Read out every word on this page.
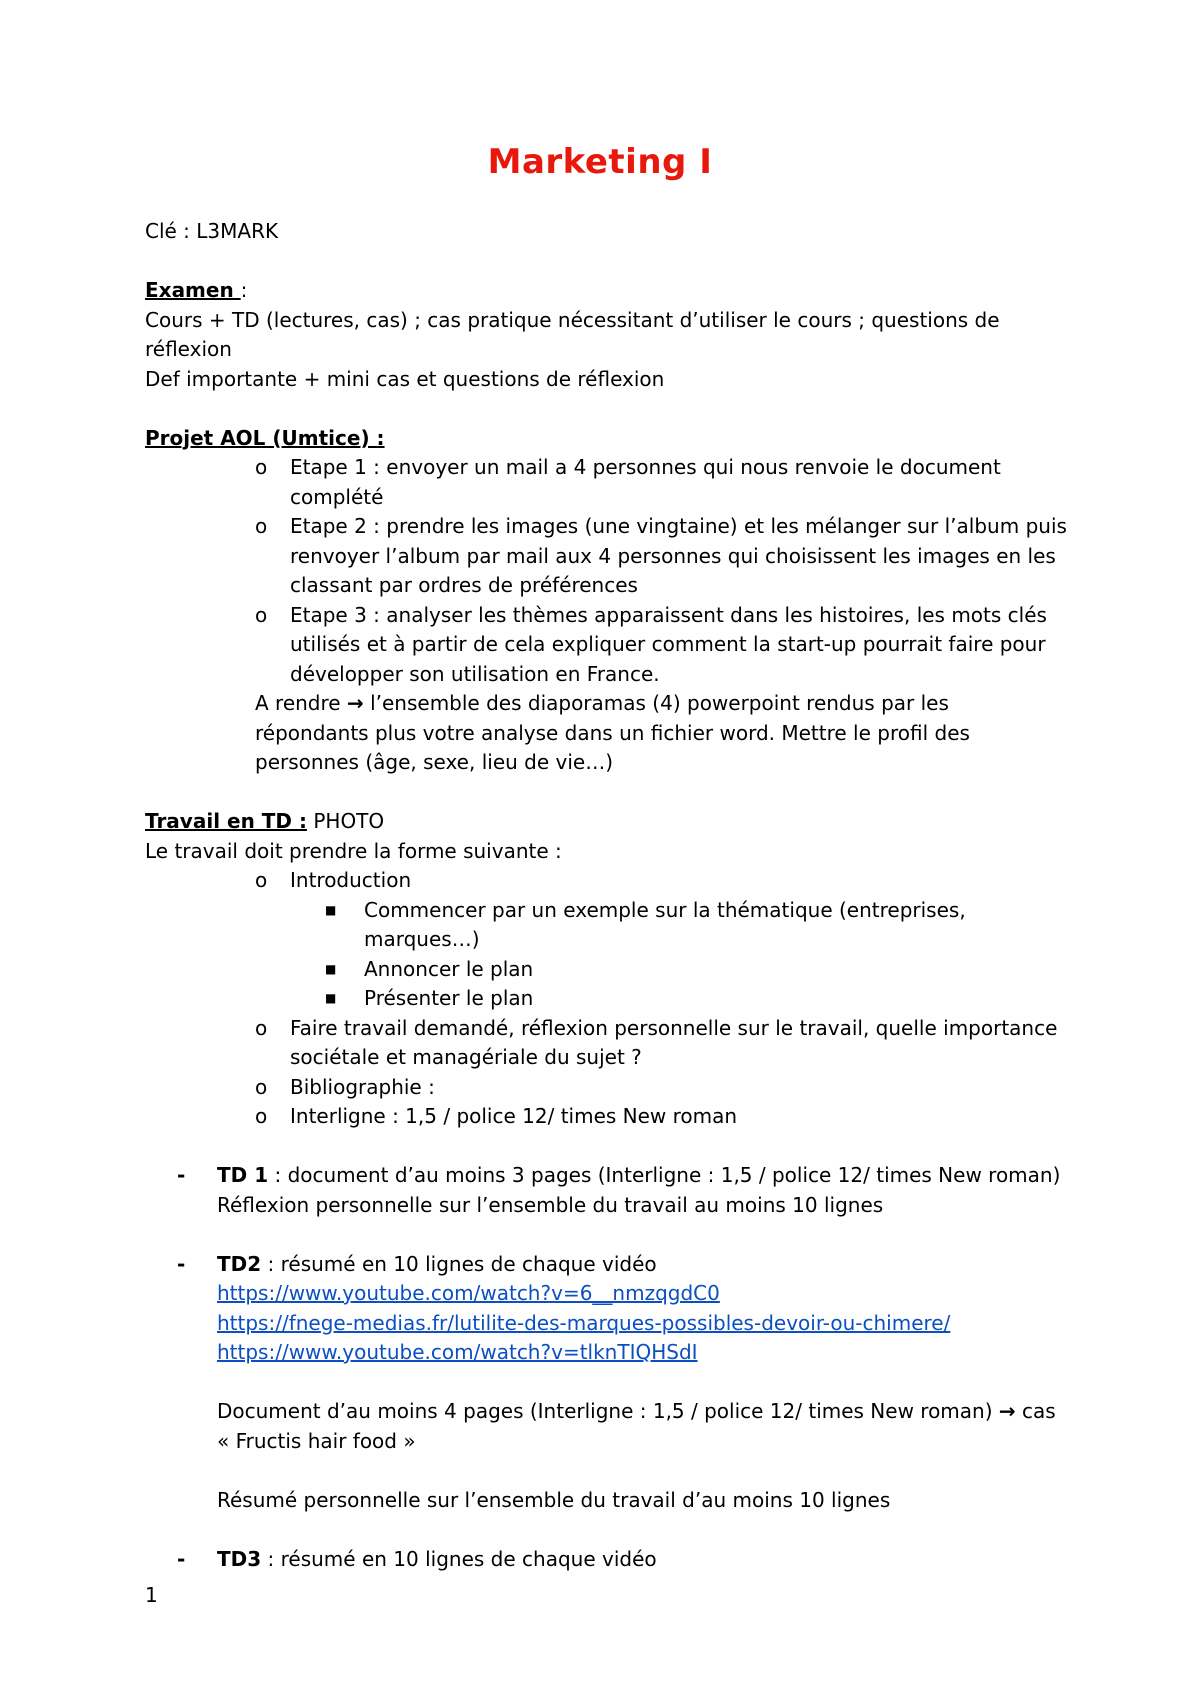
Marketing I

Clé : L3MARK

Examen :

Cours + TD (lectures, cas) ; cas pratique nécessitant d’utiliser le cours ; questions de réflexion

Def importante + mini cas et questions de réflexion

Projet AOL (Umtice) :

o	Etape 1 : envoyer un mail a 4 personnes qui nous renvoie le document
complété
o	Etape 2 : prendre les images (une vingtaine) et les mélanger sur l’album puis
renvoyer l’album par mail aux 4 personnes qui choisissent les images en les
classant par ordres de préférences
o	Etape 3 : analyser les thèmes apparaissent dans les histoires, les mots clés
utilisés et à partir de cela expliquer comment la start-up pourrait faire pour
développer son utilisation en France.
A rendre → l’ensemble des diaporamas (4) powerpoint rendus par les
répondants plus votre analyse dans un fichier word. Mettre le profil des
personnes (âge, sexe, lieu de vie…)

Travail en TD : PHOTO

Le travail doit prendre la forme suivante :

o	Introduction
■	Commencer par un exemple sur la thématique (entreprises,
marques…)
■	Annoncer le plan
■	Présenter le plan
o	Faire travail demandé, réflexion personnelle sur le travail, quelle importance
sociétale et managériale du sujet ?
o	Bibliographie :
o	Interligne : 1,5 / police 12/ times New roman
- TD 1 : document d’au moins 3 pages (Interligne : 1,5 / police 12/ times New roman)
Réflexion personnelle sur l’ensemble du travail au moins 10 lignes
- TD2 : résumé en 10 lignes de chaque vidéo
https://www.youtube.com/watch?v=6__nmzqgdC0
https://fnege-medias.fr/lutilite-des-marques-possibles-devoir-ou-chimere/
https://www.youtube.com/watch?v=tlknTIQHSdI

Document d’au moins 4 pages (Interligne : 1,5 / police 12/ times New roman) → cas
« Fructis hair food »

Résumé personnelle sur l’ensemble du travail d’au moins 10 lignes
- TD3 : résumé en 10 lignes de chaque vidéo
1
